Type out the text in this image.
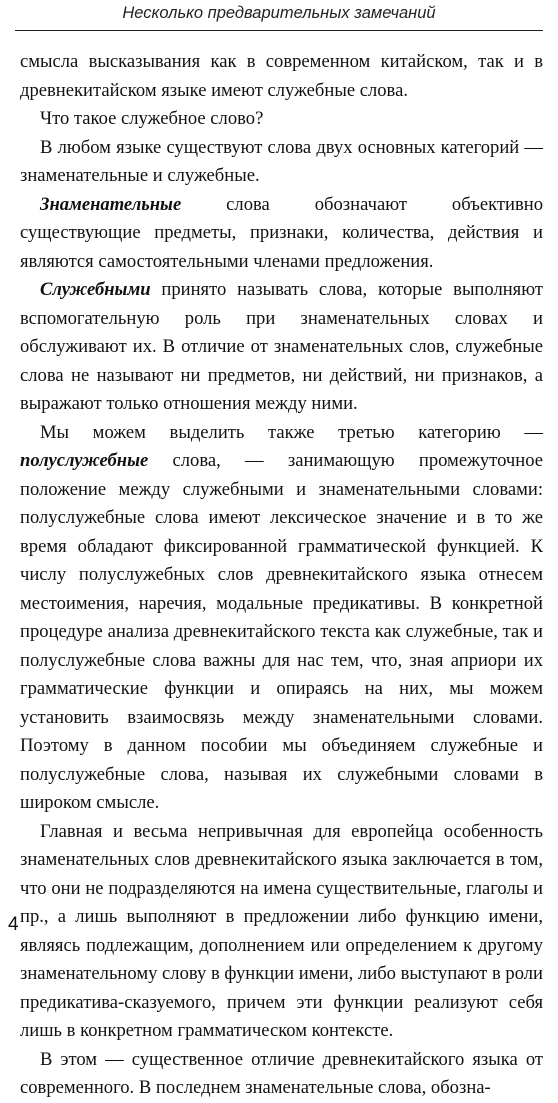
Несколько предварительных замечаний

смысла высказывания как в современном китайском, так и в древнекитайском языке имеют служебные слова.

Что такое служебное слово?

В любом языке существуют слова двух основных категорий — знаменательные и служебные.

Знаменательные слова обозначают объективно существующие предметы, признаки, количества, действия и являются самостоятельными членами предложения.

Служебными принято называть слова, которые выполняют вспомогательную роль при знаменательных словах и обслуживают их. В отличие от знаменательных слов, служебные слова не называют ни предметов, ни действий, ни признаков, а выражают только отношения между ними.

Мы можем выделить также третью категорию — полуслужебные слова, — занимающую промежуточное положение между служебными и знаменательными словами: полуслужебные слова имеют лексическое значение и в то же время обладают фиксированной грамматической функцией. К числу полуслужебных слов древнекитайского языка отнесем местоимения, наречия, модальные предикативы. В конкретной процедуре анализа древнекитайского текста как служебные, так и полуслужебные слова важны для нас тем, что, зная априори их грамматические функции и опираясь на них, мы можем установить взаимосвязь между знаменательными словами. Поэтому в данном пособии мы объединяем служебные и полуслужебные слова, называя их служебными словами в широком смысле.

Главная и весьма непривычная для европейца особенность знаменательных слов древнекитайского языка заключается в том, что они не подразделяются на имена существительные, глаголы и пр., а лишь выполняют в предложении либо функцию имени, являясь подлежащим, дополнением или определением к другому знаменательному слову в функции имени, либо выступают в роли предикатива-сказуемого, причем эти функции реализуют себя лишь в конкретном грамматическом контексте.

В этом — существенное отличие древнекитайского языка от современного. В последнем знаменательные слова, обозна-

4
